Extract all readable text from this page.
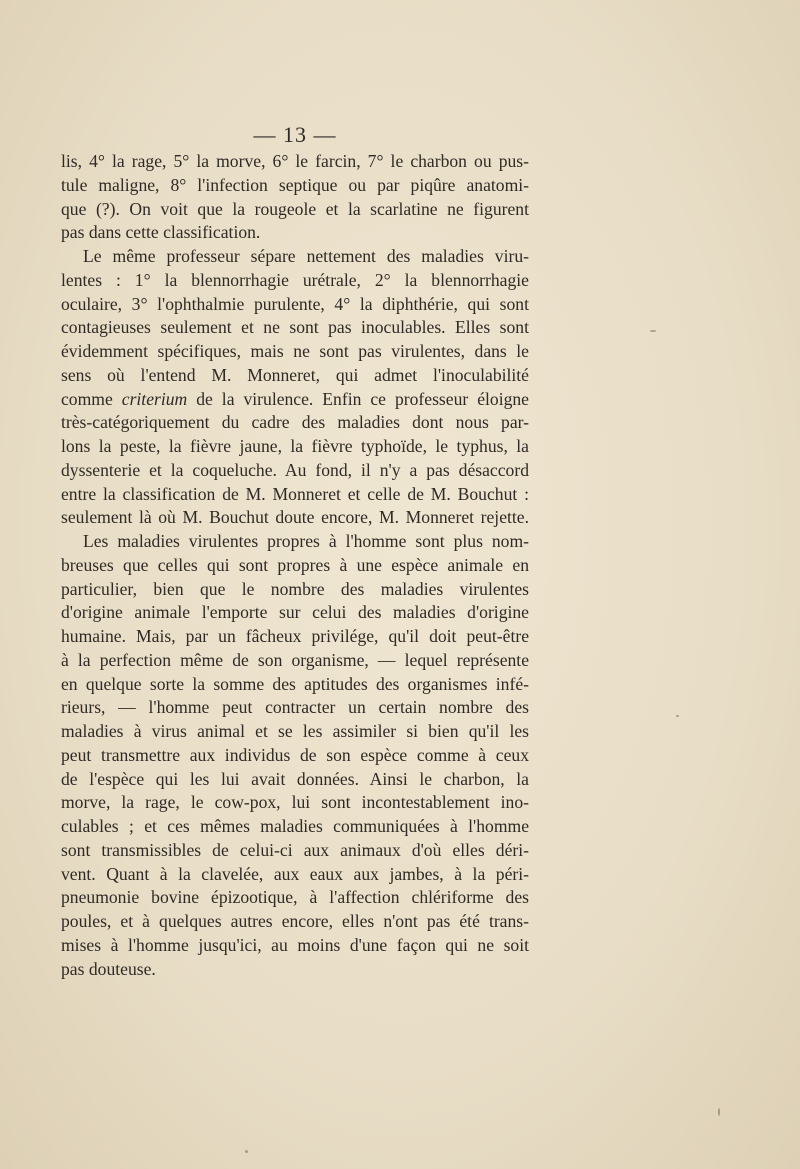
— 13 —
lis, 4° la rage, 5° la morve, 6° le farcin, 7° le charbon ou pus-
tule maligne, 8° l'infection septique ou par piqûre anatomi-
que (?). On voit que la rougeole et la scarlatine ne figurent
pas dans cette classification.
Le même professeur sépare nettement des maladies viru-
lentes : 1° la blennorrhagie urétrale, 2° la blennorrhagie
oculaire, 3° l'ophthalmie purulente, 4° la diphthérie, qui sont
contagieuses seulement et ne sont pas inoculables. Elles sont
évidemment spécifiques, mais ne sont pas virulentes, dans le
sens où l'entend M. Monneret, qui admet l'inoculabilité
comme criterium de la virulence. Enfin ce professeur éloigne
très-catégoriquement du cadre des maladies dont nous par-
lons la peste, la fièvre jaune, la fièvre typhoïde, le typhus, la
dyssenterie et la coqueluche. Au fond, il n'y a pas désaccord
entre la classification de M. Monneret et celle de M. Bouchut :
seulement là où M. Bouchut doute encore, M. Monneret rejette.
Les maladies virulentes propres à l'homme sont plus nom-
breuses que celles qui sont propres à une espèce animale en
particulier, bien que le nombre des maladies virulentes
d'origine animale l'emporte sur celui des maladies d'origine
humaine. Mais, par un fâcheux privilége, qu'il doit peut-être
à la perfection même de son organisme, — lequel représente
en quelque sorte la somme des aptitudes des organismes infé-
rieurs, — l'homme peut contracter un certain nombre des
maladies à virus animal et se les assimiler si bien qu'il les
peut transmettre aux individus de son espèce comme à ceux
de l'espèce qui les lui avait données. Ainsi le charbon, la
morve, la rage, le cow-pox, lui sont incontestablement ino-
culables ; et ces mêmes maladies communiquées à l'homme
sont transmissibles de celui-ci aux animaux d'où elles déri-
vent. Quant à la clavelée, aux eaux aux jambes, à la péri-
pneumonie bovine épizootique, à l'affection chlériforme des
poules, et à quelques autres encore, elles n'ont pas été trans-
mises à l'homme jusqu'ici, au moins d'une façon qui ne soit
pas douteuse.
